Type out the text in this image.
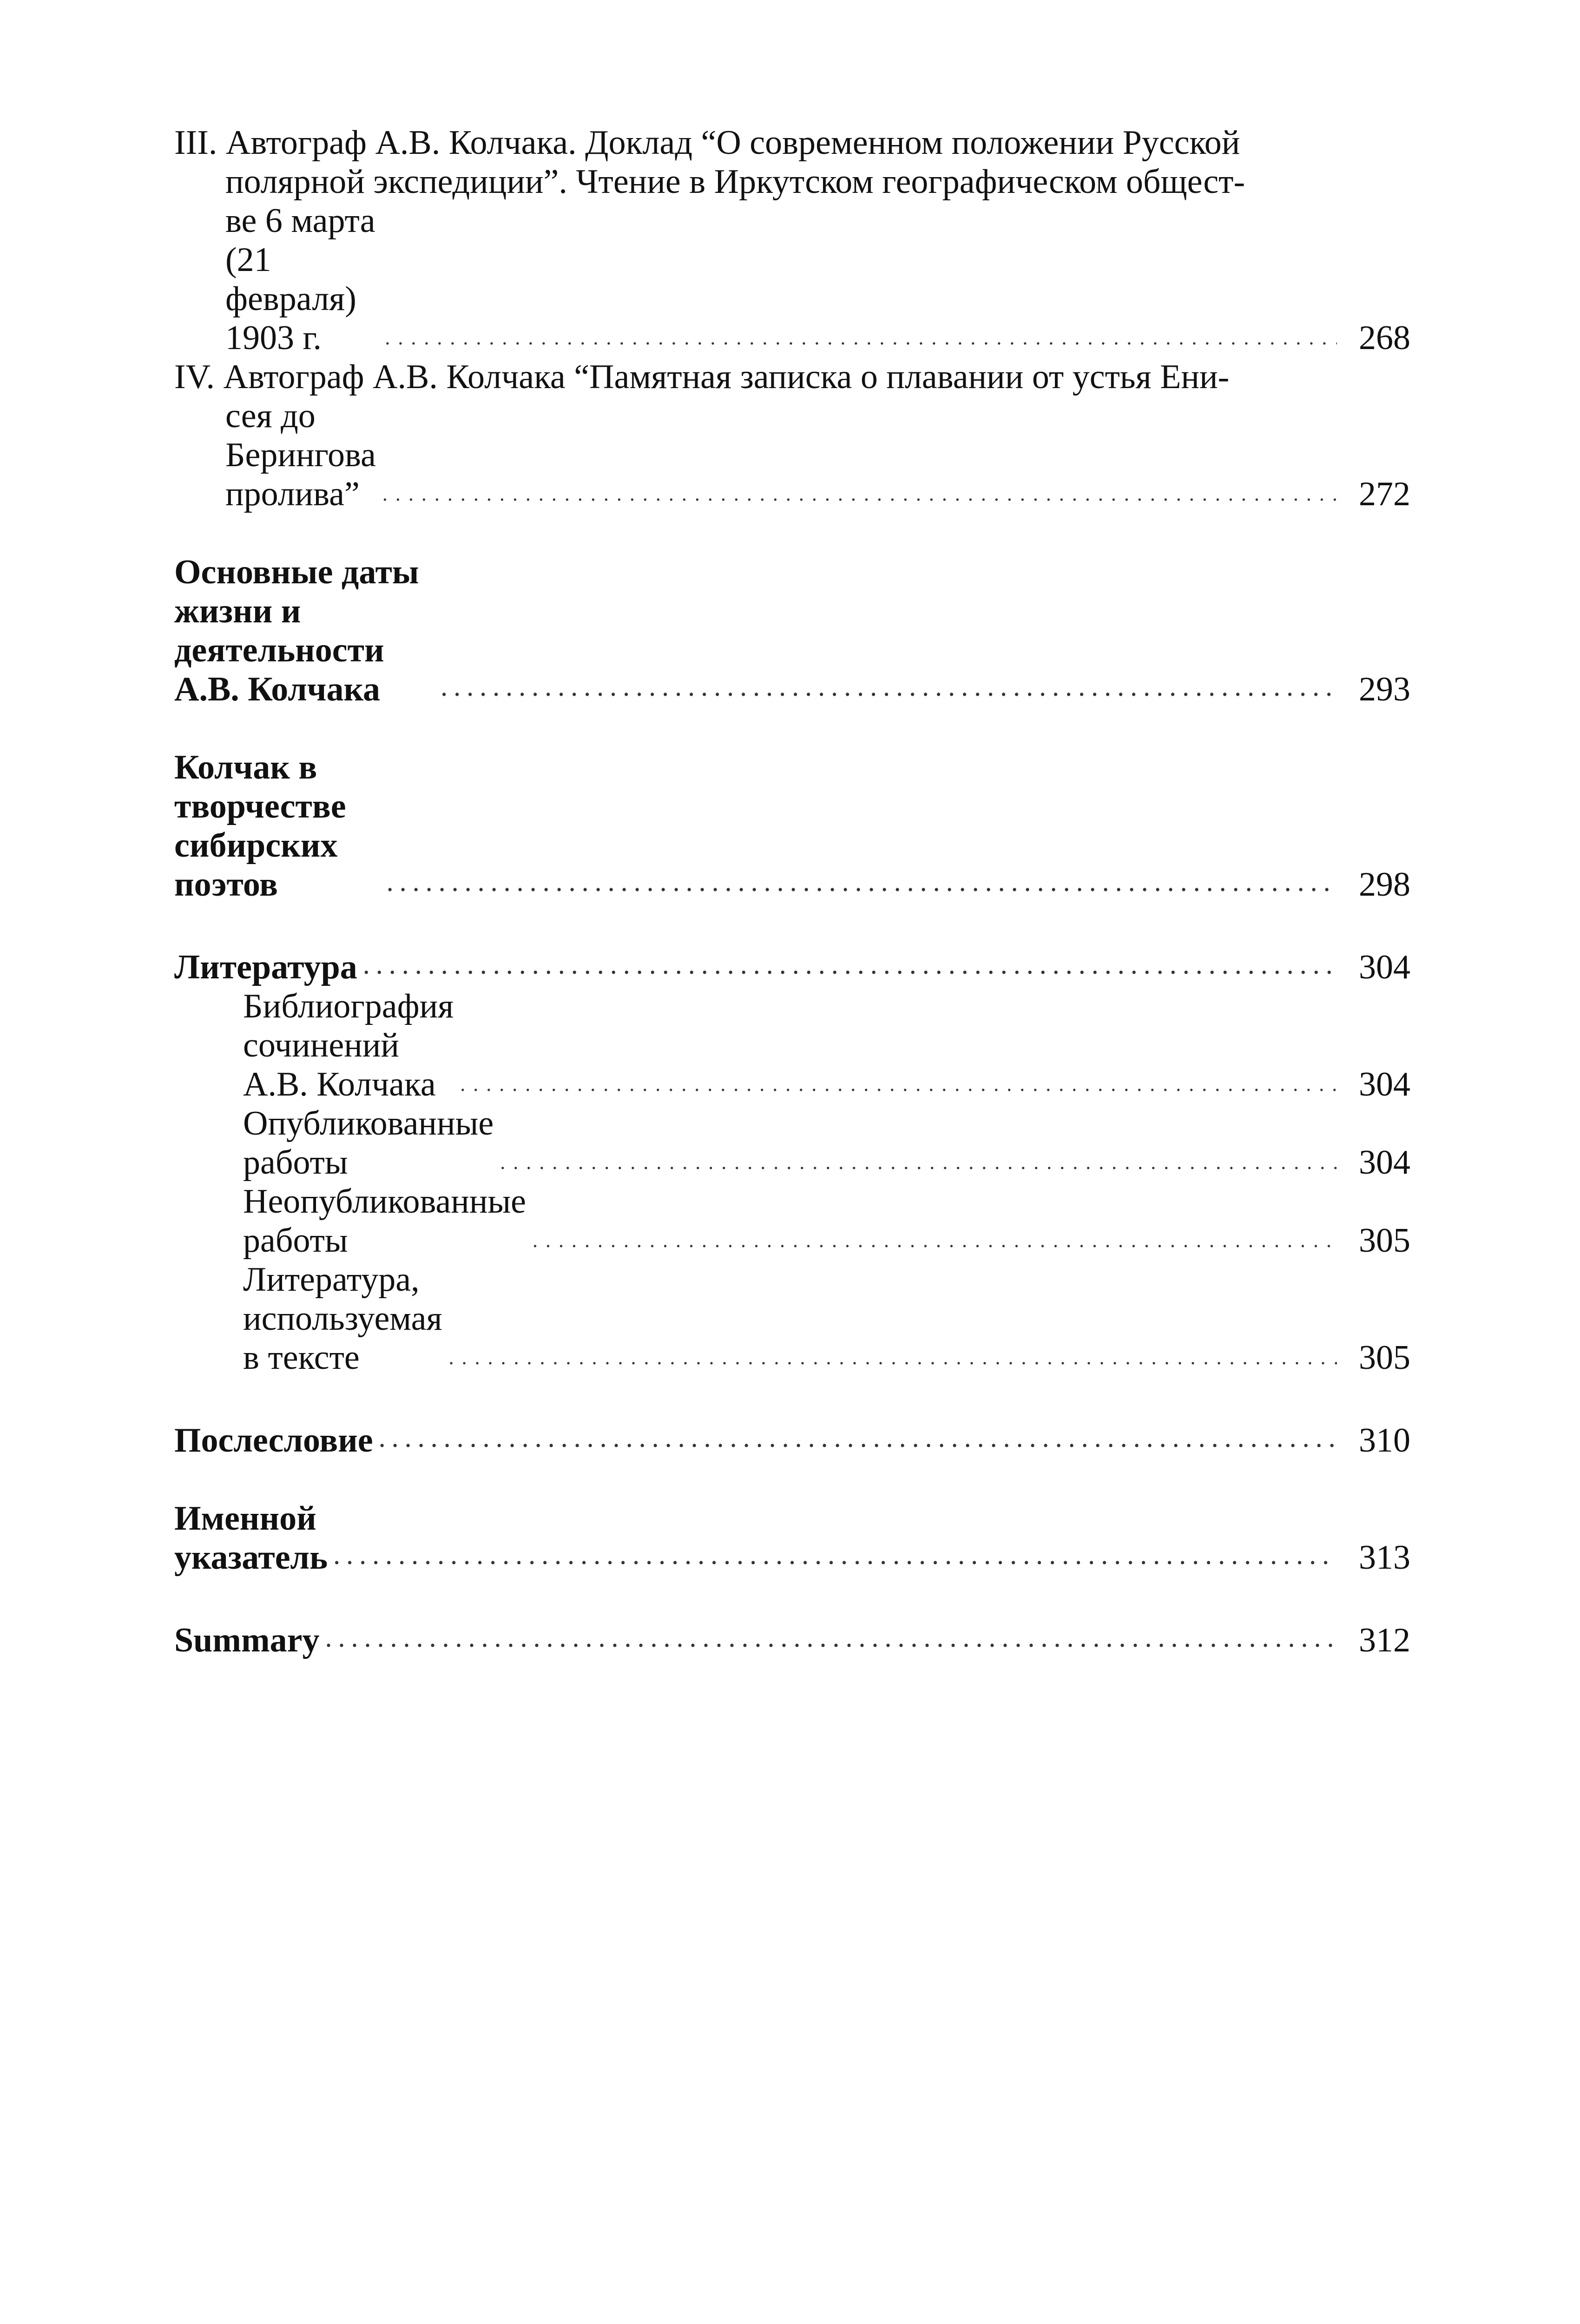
III. Автограф А.В. Колчака. Доклад “О современном положении Русской
полярной экспедиции”. Чтение в Иркутском географическом общест-
ве 6 марта (21 февраля) 1903 г. . . .	268
IV. Автограф А.В. Колчака “Памятная записка о плавании от устья Ени-
сея до Берингова пролива” . . .	272
Основные даты жизни и деятельности А.В. Колчака . . .	293
Колчак в творчестве сибирских поэтов . . .	298
Литература . . .	304
Библиография сочинений А.В. Колчака . . .	304
Опубликованные работы . . .	304
Неопубликованные работы . . .	305
Литература, используемая в тексте . . .	305
Послесловие . . .	310
Именной указатель . . .	313
Summary . . .	312
